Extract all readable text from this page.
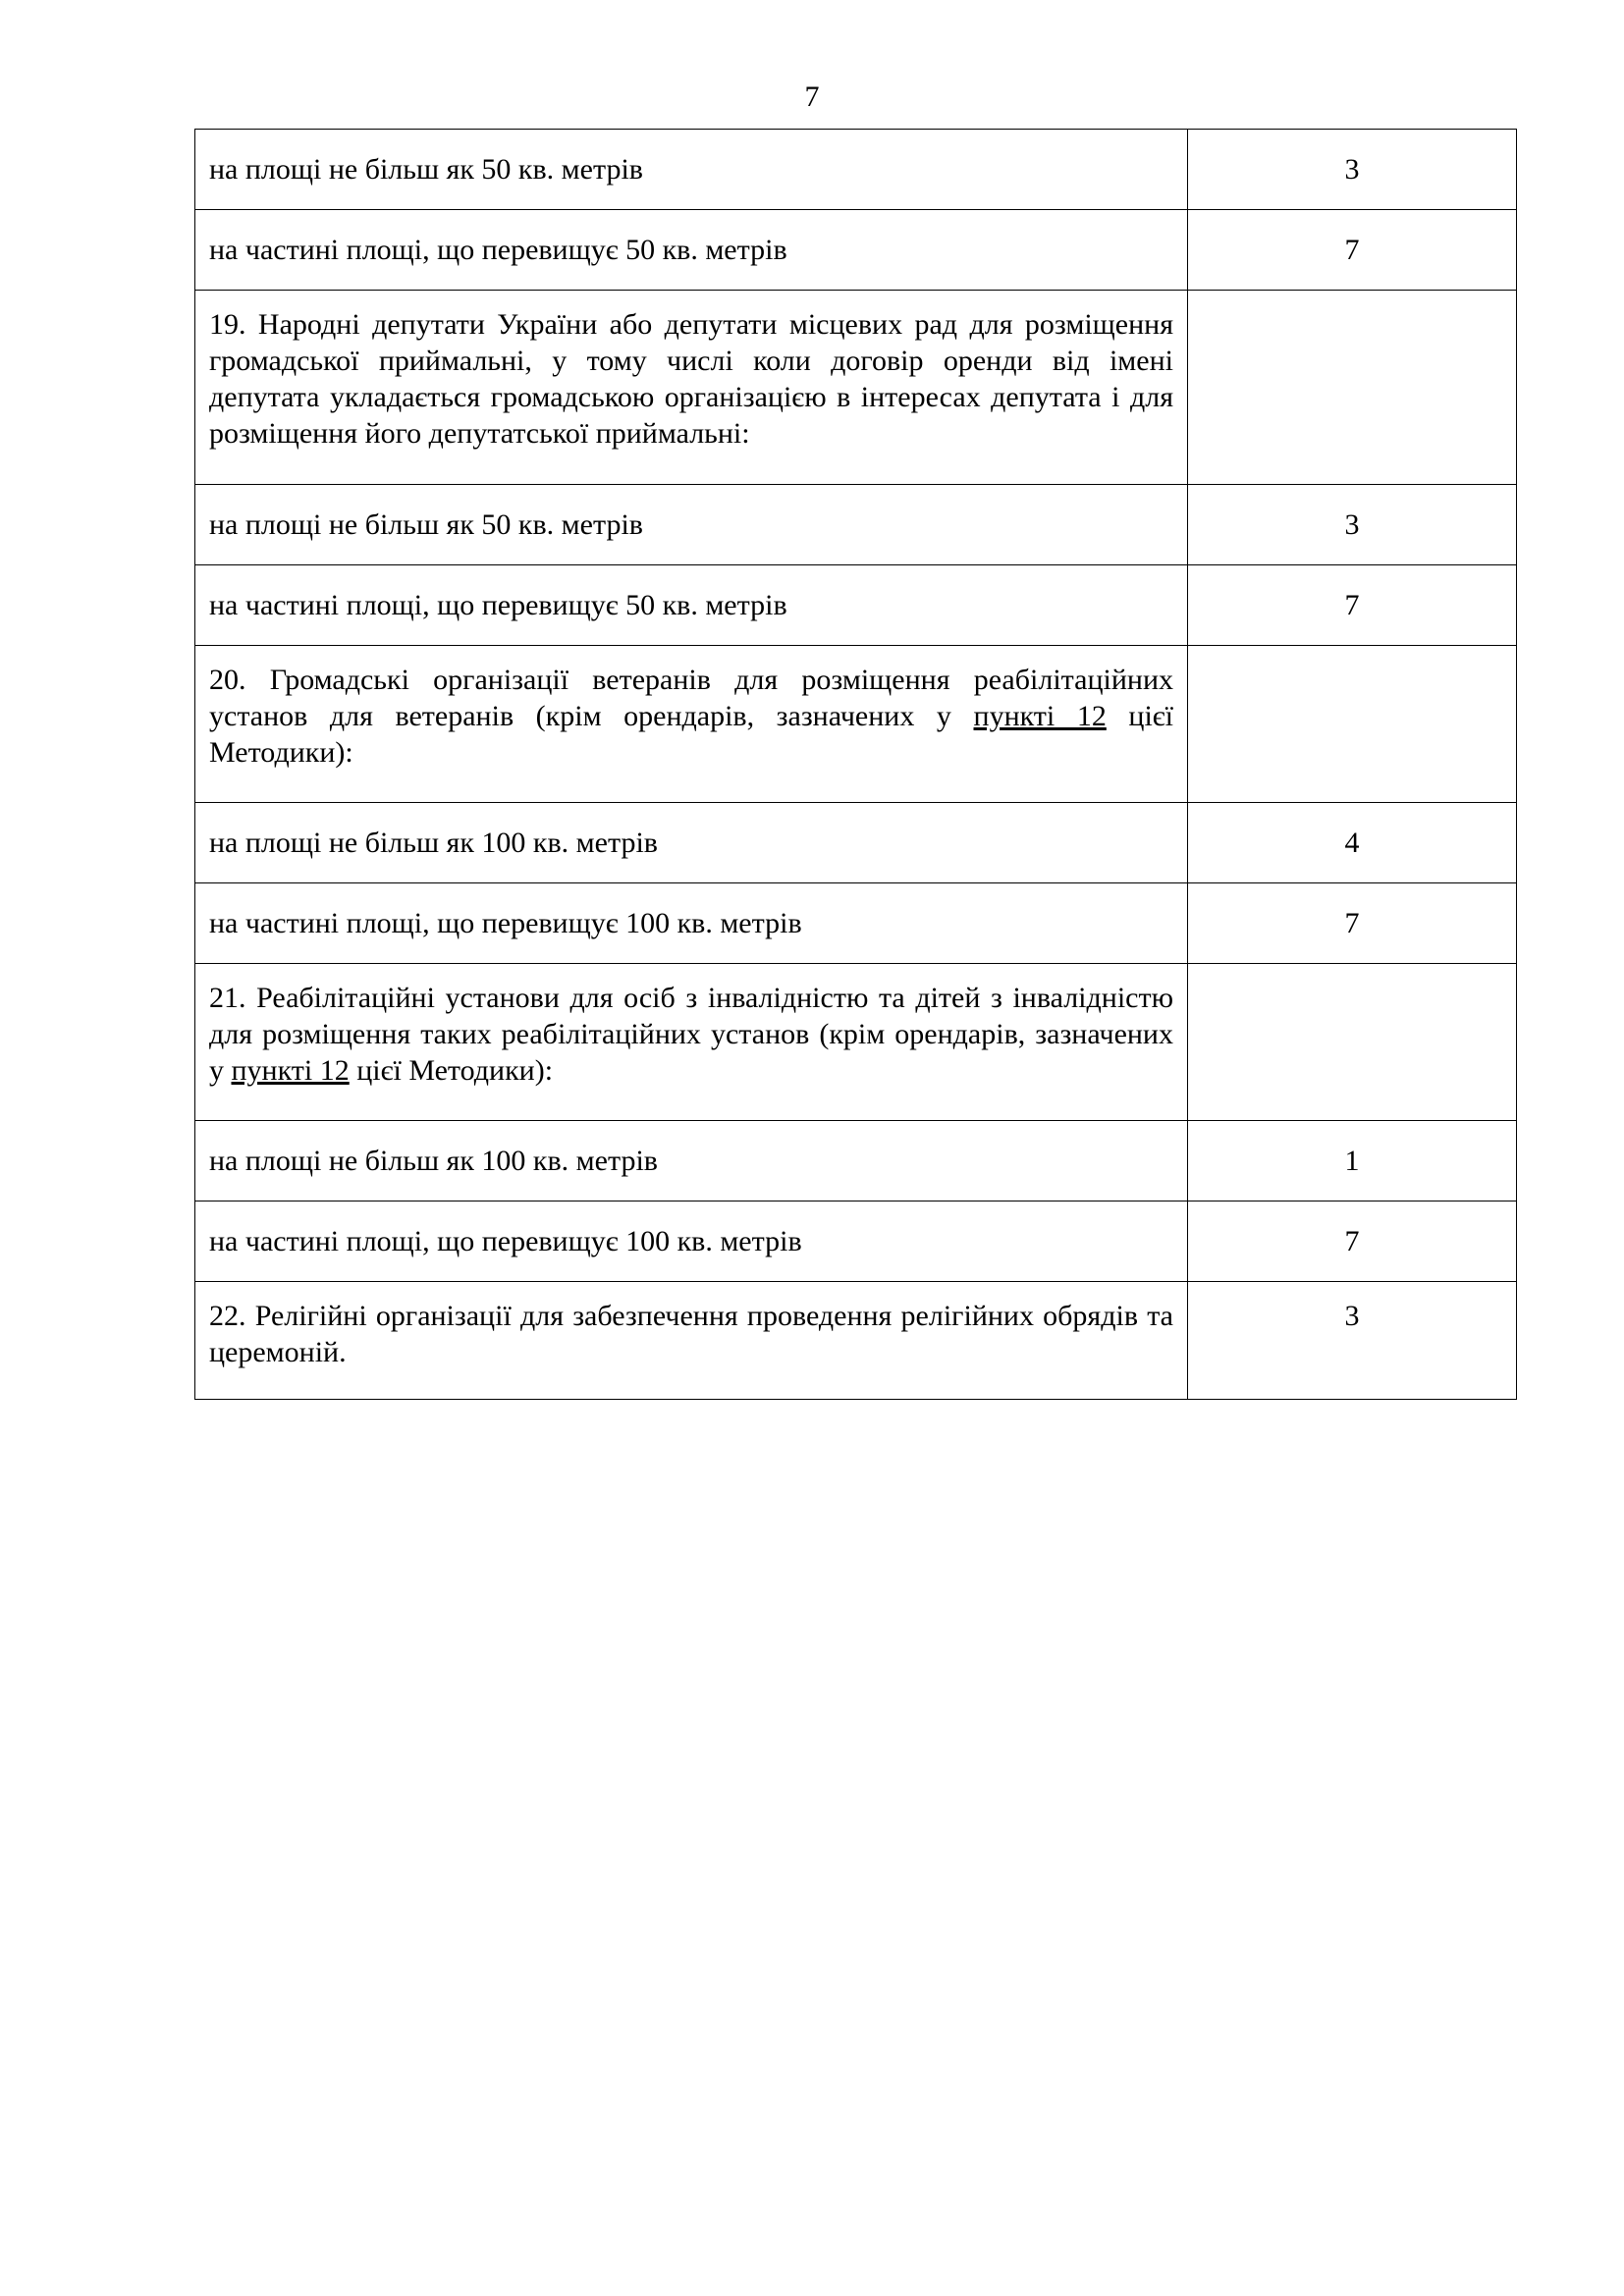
7
на площі не більш як 50 кв. метрів	3
на частині площі, що перевищує 50 кв. метрів	7
19. Народні депутати України або депутати місцевих рад для розміщення громадської приймальні, у тому числі коли договір оренди від імені депутата укладається громадською організацією в інтересах депутата і для розміщення його депутатської приймальні:	
на площі не більш як 50 кв. метрів	3
на частині площі, що перевищує 50 кв. метрів	7
20. Громадські організації ветеранів для розміщення реабілітаційних установ для ветеранів (крім орендарів, зазначених у пункті 12 цієї Методики):	
на площі не більш як 100 кв. метрів	4
на частині площі, що перевищує 100 кв. метрів	7
21. Реабілітаційні установи для осіб з інвалідністю та дітей з інвалідністю для розміщення таких реабілітаційних установ (крім орендарів, зазначених у пункті 12 цієї Методики):	
на площі не більш як 100 кв. метрів	1
на частині площі, що перевищує 100 кв. метрів	7
22. Релігійні організації для забезпечення проведення релігійних обрядів та церемоній.	3
